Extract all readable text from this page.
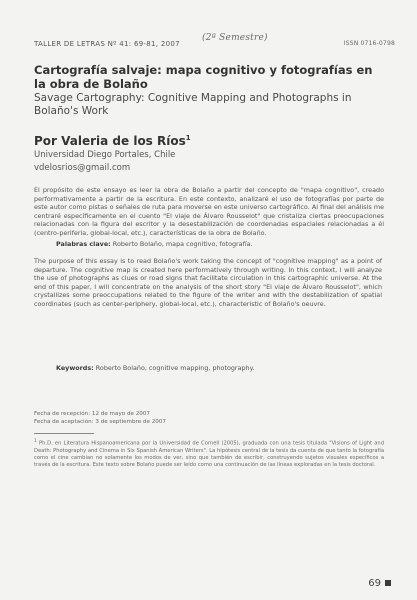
TALLER DE LETRAS Nº 41: 69-81, 2007
( 2ª Semestre )
ISSN 0716-0798
Cartografía salvaje: mapa cognitivo y fotografías en la obra de Bolaño
Savage Cartography: Cognitive Mapping and Photographs in Bolaño's Work
Por Valeria de los Ríos$^1$
Universidad Diego Portales, Chile
vdelosrios@gmail.com
El propósito de este ensayo es leer la obra de Bolaño a partir del concepto de "mapa cognitivo", creado performativamente a partir de la escritura. En este contexto, analizaré el uso de fotografías por parte de este autor como pistas o señales de ruta para moverse en este universo cartográfico. Al final del análisis me centraré específicamente en el cuento "El viaje de Álvaro Rousselot" que cristaliza ciertas preocupaciones relacionadas con la figura del escritor y la desestabilización de coordenadas espaciales relacionadas a él (centro-periferia, global-local, etc.), características de la obra de Bolaño.
Palabras clave: Roberto Bolaño, mapa cognitivo, fotografía.
The purpose of this essay is to read Bolaño's work taking the concept of "cognitive mapping" as a point of departure. The cognitive map is created here performatively through writing. In this context, I will analyze the use of photographs as clues or road signs that facilitate circulation in this cartographic universe. At the end of this paper, I will concentrate on the analysis of the short story "El viaje de Álvaro Rousselot", which crystallizes some preoccupations related to the figure of the writer and with the destabilization of spatial coordinates (such as center-periphery, global-local, etc.), characteristic of Bolaño's oeuvre.
Keywords: Roberto Bolaño, cognitive mapping, photography.
Fecha de recepción: 12 de mayo de 2007
Fecha de aceptación: 3 de septiembre de 2007
$^1$ Ph.D. en Literatura Hispanoamericana por la Universidad de Cornell (2005), graduada con una tesis titulada "Visions of Light and Death: Photography and Cinema in Six Spanish American Writers". La hipótesis central de la tesis da cuenta de que tanto la fotografía como el cine cambian no solamente los modos de ver, sino que también de escribir, construyendo sujetos visuales específicos a través de la escritura. Este texto sobre Bolaño puede ser leído como una continuación de las líneas exploradas en la tesis doctoral.
69
